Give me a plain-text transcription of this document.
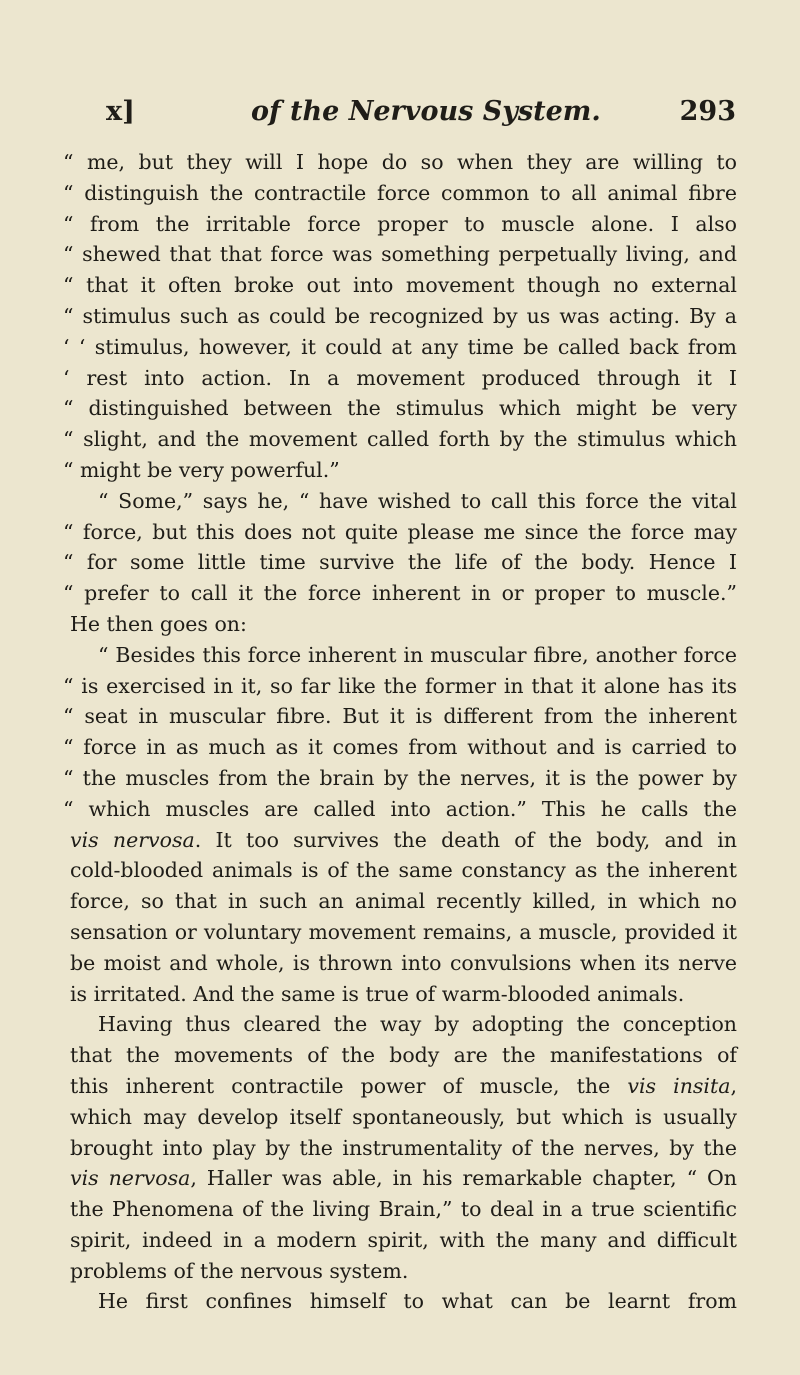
x]	of the Nervous System.	293
“ me, but they will I hope do so when they are willing to
“ distinguish the contractile force common to all animal fibre
“ from the irritable force proper to muscle alone. I also
“ shewed that that force was something perpetually living, and
“ that it often broke out into movement though no external
“ stimulus such as could be recognized by us was acting. By a
‘ ‘ stimulus, however, it could at any time be called back from
‘ rest into action. In a movement produced through it I
“ distinguished between the stimulus which might be very
“ slight, and the movement called forth by the stimulus which
“ might be very powerful.”
“ Some,” says he, “ have wished to call this force the vital
“ force, but this does not quite please me since the force may
“ for some little time survive the life of the body. Hence I
“ prefer to call it the force inherent in or proper to muscle.”
He then goes on:
“ Besides this force inherent in muscular fibre, another force
“ is exercised in it, so far like the former in that it alone has its
“ seat in muscular fibre. But it is different from the inherent
“ force in as much as it comes from without and is carried to
“ the muscles from the brain by the nerves, it is the power by
“ which muscles are called into action.” This he calls the
vis nervosa. It too survives the death of the body, and in
cold-blooded animals is of the same constancy as the inherent
force, so that in such an animal recently killed, in which no
sensation or voluntary movement remains, a muscle, provided it
be moist and whole, is thrown into convulsions when its nerve
is irritated. And the same is true of warm-blooded animals.
Having thus cleared the way by adopting the conception
that the movements of the body are the manifestations of
this inherent contractile power of muscle, the vis insita,
which may develop itself spontaneously, but which is usually
brought into play by the instrumentality of the nerves, by the
vis nervosa, Haller was able, in his remarkable chapter, “ On
the Phenomena of the living Brain,” to deal in a true scientific
spirit, indeed in a modern spirit, with the many and difficult
problems of the nervous system.
He first confines himself to what can be learnt from
